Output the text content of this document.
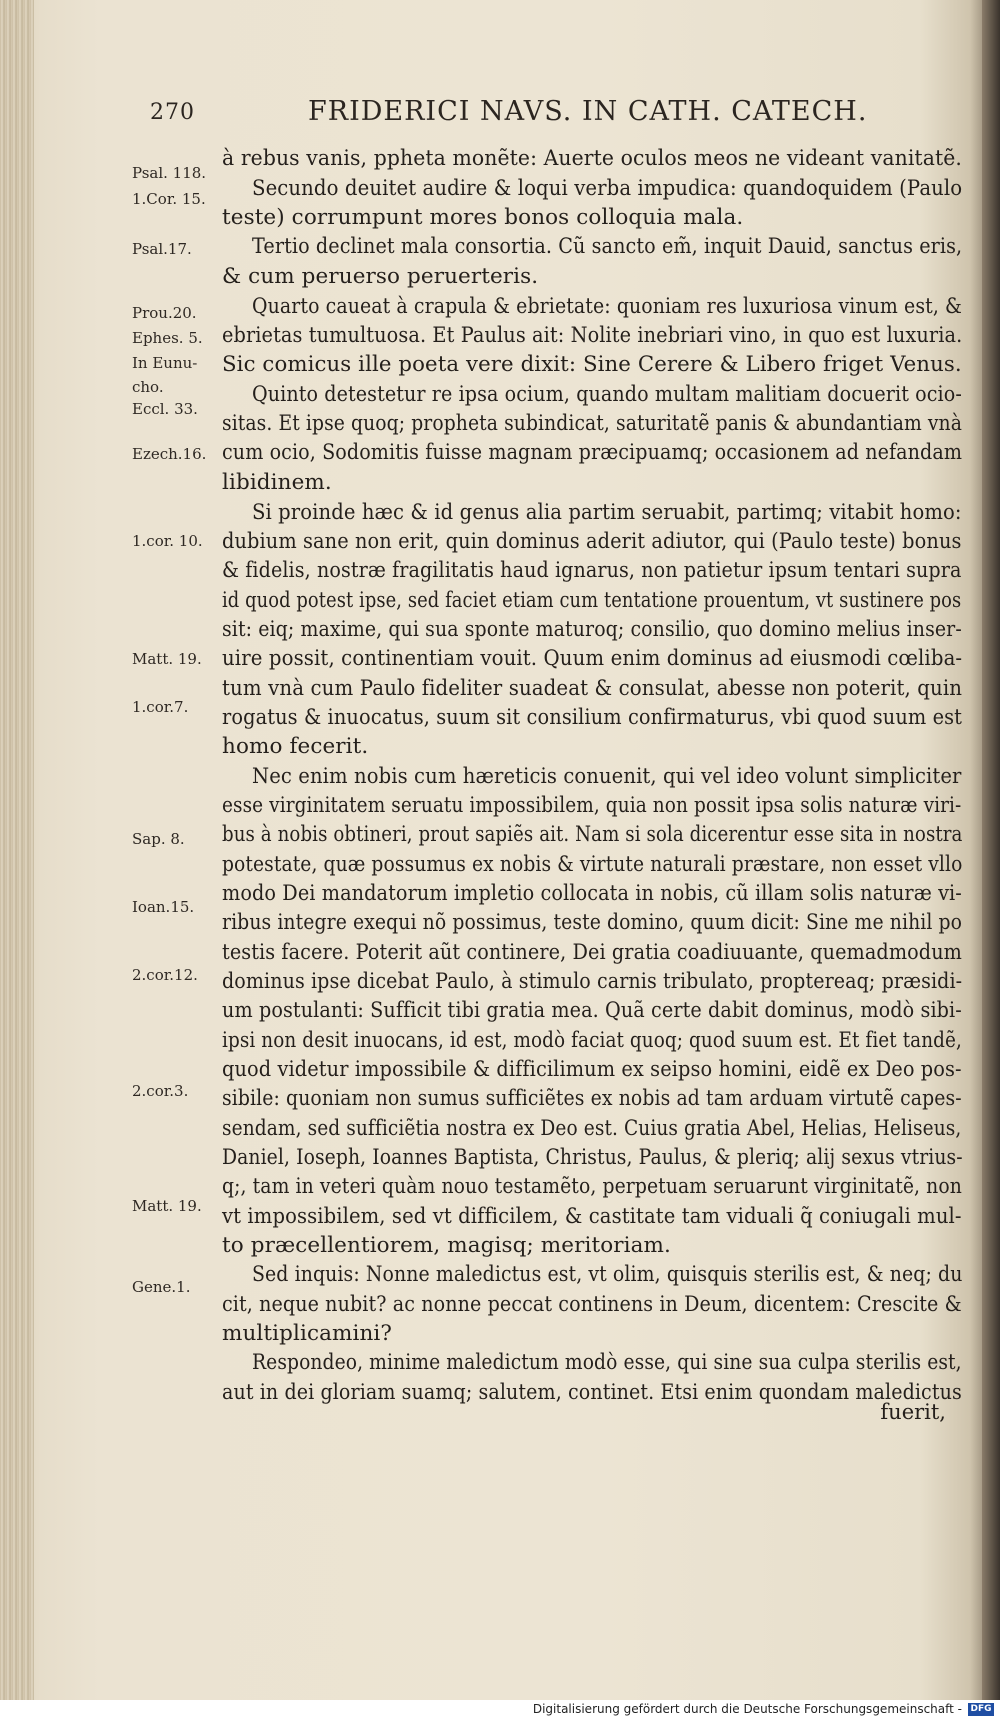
270	FRIDERICI NAVS. IN CATH. CATECH.
Psal. 118.
1.Cor. 15.
Psal.17.
Prou.20.
Ephes. 5.
In Eunu-
cho.
Eccl. 33.
Ezech.16.
1.cor. 10.
Matt. 19.
1.cor.7.
Sap. 8.
Ioan.15.
2.cor.12.
2.cor.3.
Matt. 19.
Gene.1.
à rebus vanis, ppheta monẽte: Auerte oculos meos ne videant vanitatẽ.
Secundo deuitet audire & loqui verba impudica: quandoquidem (Paulo
teste) corrumpunt mores bonos colloquia mala.
Tertio declinet mala consortia. Cũ sancto em̃, inquit Dauid, sanctus eris,
& cum peruerso peruerteris.
Quarto caueat à crapula & ebrietate: quoniam res luxuriosa vinum est, &
ebrietas tumultuosa. Et Paulus ait: Nolite inebriari vino, in quo est luxuria.
Sic comicus ille poeta vere dixit: Sine Cerere & Libero friget Venus.
Quinto detestetur re ipsa ocium, quando multam malitiam docuerit ocio-
sitas. Et ipse quoq; propheta subindicat, saturitatẽ panis & abundantiam vnà
cum ocio, Sodomitis fuisse magnam præcipuamq; occasionem ad nefandam
libidinem.
Si proinde hæc & id genus alia partim seruabit, partimq; vitabit homo:
dubium sane non erit, quin dominus aderit adiutor, qui (Paulo teste) bonus
& fidelis, nostræ fragilitatis haud ignarus, non patietur ipsum tentari supra
id quod potest ipse, sed faciet etiam cum tentatione prouentum, vt sustinere pos
sit: eiq; maxime, qui sua sponte maturoq; consilio, quo domino melius inser-
uire possit, continentiam vouit. Quum enim dominus ad eiusmodi cœliba-
tum vnà cum Paulo fideliter suadeat & consulat, abesse non poterit, quin
rogatus & inuocatus, suum sit consilium confirmaturus, vbi quod suum est
homo fecerit.
Nec enim nobis cum hæreticis conuenit, qui vel ideo volunt simpliciter
esse virginitatem seruatu impossibilem, quia non possit ipsa solis naturæ viri-
bus à nobis obtineri, prout sapiẽs ait. Nam si sola dicerentur esse sita in nostra
potestate, quæ possumus ex nobis & virtute naturali præstare, non esset vllo
modo Dei mandatorum impletio collocata in nobis, cũ illam solis naturæ vi-
ribus integre exequi nõ possimus, teste domino, quum dicit: Sine me nihil po
testis facere. Poterit aũt continere, Dei gratia coadiuuante, quemadmodum
dominus ipse dicebat Paulo, à stimulo carnis tribulato, proptereaq; præsidi-
um postulanti: Sufficit tibi gratia mea. Quã certe dabit dominus, modò sibi-
ipsi non desit inuocans, id est, modò faciat quoq; quod suum est. Et fiet tandẽ,
quod videtur impossibile & difficilimum ex seipso homini, eidẽ ex Deo pos-
sibile: quoniam non sumus sufficiẽtes ex nobis ad tam arduam virtutẽ capes-
sendam, sed sufficiẽtia nostra ex Deo est. Cuius gratia Abel, Helias, Heliseus,
Daniel, Ioseph, Ioannes Baptista, Christus, Paulus, & pleriq; alij sexus vtrius-
q;, tam in veteri quàm nouo testamẽto, perpetuam seruarunt virginitatẽ, non
vt impossibilem, sed vt difficilem, & castitate tam viduali q̃ coniugali mul-
to præcellentiorem, magisq; meritoriam.
Sed inquis: Nonne maledictus est, vt olim, quisquis sterilis est, & neq; du
cit, neque nubit? ac nonne peccat continens in Deum, dicentem: Crescite &
multiplicamini?
Respondeo, minime maledictum modò esse, qui sine sua culpa sterilis est,
aut in dei gloriam suamq; salutem, continet. Etsi enim quondam maledictus
fuerit,
Digitalisierung gefördert durch die Deutsche Forschungsgemeinschaft - DFG
